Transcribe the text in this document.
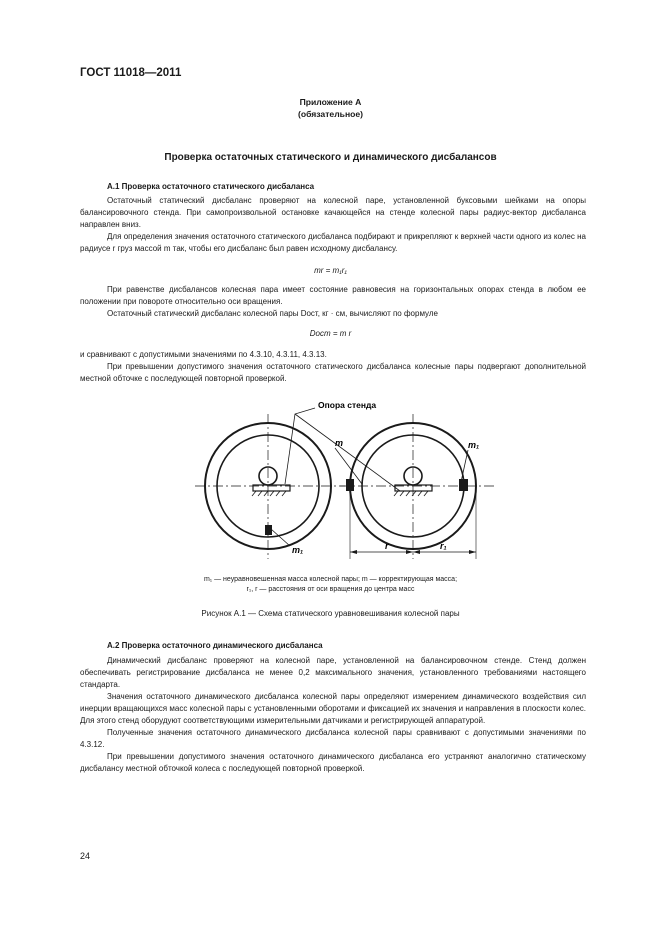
ГОСТ 11018—2011
Приложение А
(обязательное)
Проверка остаточных статического и динамического дисбалансов
А.1 Проверка остаточного статического дисбаланса

Остаточный статический дисбаланс проверяют на колесной паре, установленной буксовыми шейками на опоры балансировочного стенда. При самопроизвольной остановке качающейся на стенде колесной пары радиус-вектор дисбаланса направлен вниз.

Для определения значения остаточного статического дисбаланса подбирают и прикрепляют к верхней части одного из колес на радиусе r груз массой m так, чтобы его дисбаланс был равен исходному дисбалансу.

mr = m₁r₁

При равенстве дисбалансов колесная пара имеет состояние равновесия на горизонтальных опорах стенда в любом ее положении при повороте относительно оси вращения.

Остаточный статический дисбаланс колесной пары Dост, кг · см, вычисляют по формуле

Dост = m r

и сравнивают с допустимыми значениями по 4.3.10, 4.3.11, 4.3.13.

При превышении допустимого значения остаточного статического дисбаланса колесные пары подвергают дополнительной местной обточке с последующей повторной проверкой.

Опора стенда
m	m₁
m₁	r	r₁
m₁ — неуравновешенная масса колесной пары; m — корректирующая масса;
r₁, r — расстояния от оси вращения до центра масс
Рисунок А.1 — Схема статического уравновешивания колесной пары
А.2 Проверка остаточного динамического дисбаланса

Динамический дисбаланс проверяют на колесной паре, установленной на балансировочном стенде. Стенд должен обеспечивать регистрирование дисбаланса не менее 0,2 максимального значения, установленного требованиями настоящего стандарта.

Значения остаточного динамического дисбаланса колесной пары определяют измерением динамического воздействия сил инерции вращающихся масс колесной пары с установленными оборотами и фиксацией их значения и направления в плоскости колес. Для этого стенд оборудуют соответствующими измерительными датчиками и регистрирующей аппаратурой.

Полученные значения остаточного динамического дисбаланса колесной пары сравнивают с допустимыми значениями по 4.3.12.

При превышении допустимого значения остаточного динамического дисбаланса его устраняют аналогично статическому дисбалансу местной обточкой колеса с последующей повторной проверкой.

24
